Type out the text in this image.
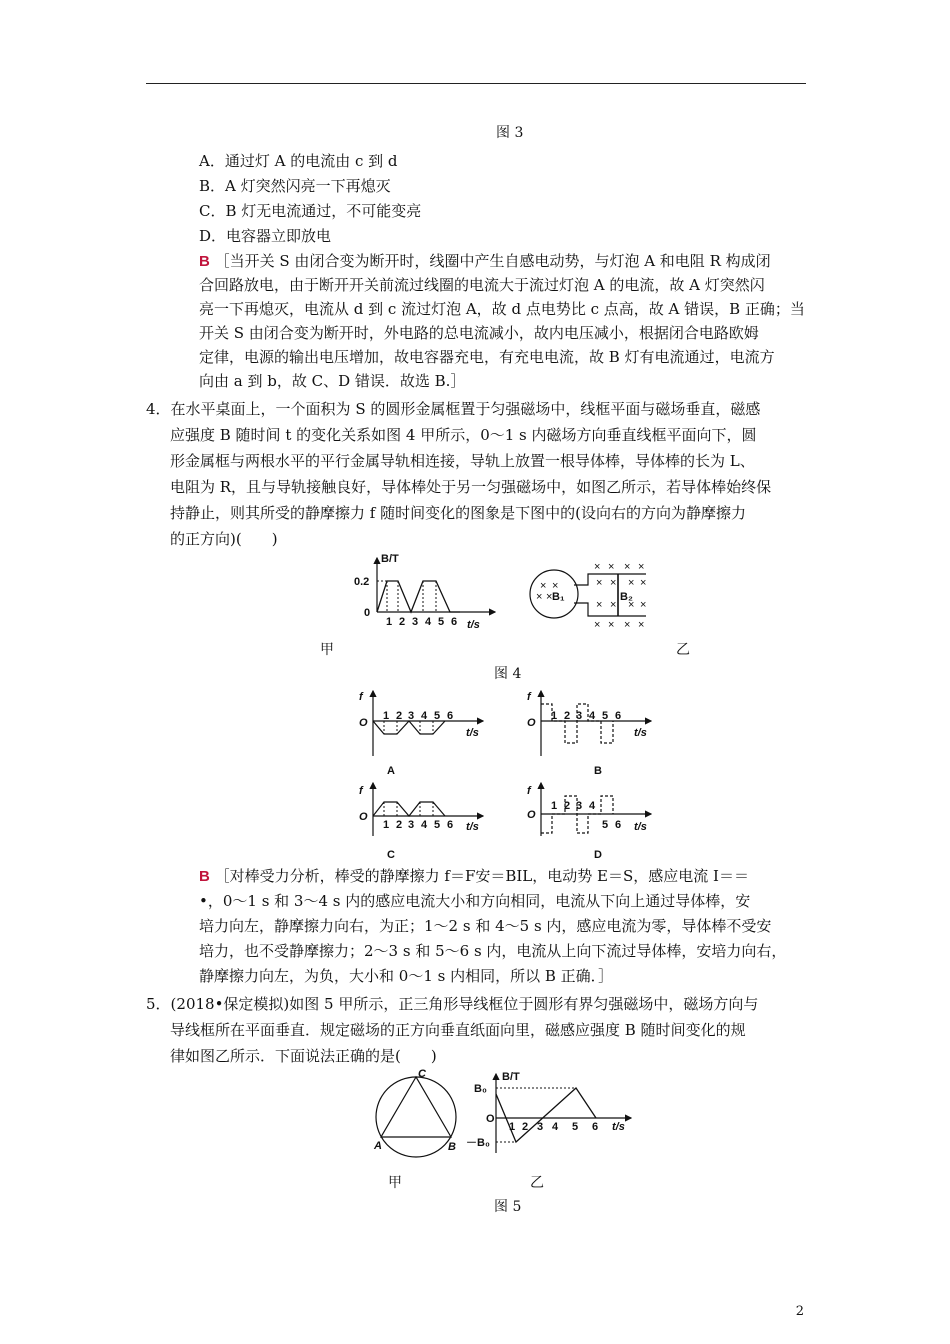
图 3
A．通过灯 A 的电流由 c 到 d
B．A 灯突然闪亮一下再熄灭
C．B 灯无电流通过，不可能变亮
D．电容器立即放电
B ［当开关 S 由闭合变为断开时，线圈中产生自感电动势，与灯泡 A 和电阻 R 构成闭
合回路放电，由于断开开关前流过线圈的电流大于流过灯泡 A 的电流，故 A 灯突然闪
亮一下再熄灭，电流从 d 到 c 流过灯泡 A，故 d 点电势比 c 点高，故 A 错误，B 正确；当
开关 S 由闭合变为断开时，外电路的总电流减小，故内电压减小，根据闭合电路欧姆
定律，电源的输出电压增加，故电容器充电，有充电电流，故 B 灯有电流通过，电流方
向由 a 到 b，故 C、D 错误．故选 B.］
4．在水平桌面上，一个面积为 S 的圆形金属框置于匀强磁场中，线框平面与磁场垂直，磁感
应强度 B 随时间 t 的变化关系如图 4 甲所示，0～1 s 内磁场方向垂直线框平面向下，圆
形金属框与两根水平的平行金属导轨相连接，导轨上放置一根导体棒，导体棒的长为 L、
电阻为 R，且与导轨接触良好，导体棒处于另一匀强磁场中，如图乙所示，若导体棒始终保
持静止，则其所受的静摩擦力 f 随时间变化的图象是下图中的(设向右的方向为静摩擦力
的正方向)(　　)
B/T
0.2
0
1 2 3 4 5 6 t/s
× ×
× ×
× × × ×
× × × ×
× × × ×
× × × ×
B₁	B₂
甲	乙
图 4
f
O
1 2 3 4 5 6
t/s
A
f
O
1 2 3 4 5 6
t/s
B
f
O
1 2 3 4 5 6 t/s
C
f
O
1 2 3 4
5 6 t/s
D
B ［对棒受力分析，棒受的静摩擦力 f＝F安＝BIL，电动势 E＝S，感应电流 I＝＝
•，0～1 s 和 3～4 s 内的感应电流大小和方向相同，电流从下向上通过导体棒，安
培力向左，静摩擦力向右，为正；1～2 s 和 4～5 s 内，感应电流为零，导体棒不受安
培力，也不受静摩擦力；2～3 s 和 5～6 s 内，电流从上向下流过导体棒，安培力向右，
静摩擦力向左，为负，大小和 0～1 s 内相同，所以 B 正确．］
5．(2018•保定模拟)如图 5 甲所示，正三角形导线框位于圆形有界匀强磁场中，磁场方向与
导线框所在平面垂直．规定磁场的正方向垂直纸面向里，磁感应强度 B 随时间变化的规
律如图乙所示．下面说法正确的是(　　)
A	B
C	B/T
B₀
O
－B₀
1 2 3 4 5 6 t/s
甲	乙
图 5
2
